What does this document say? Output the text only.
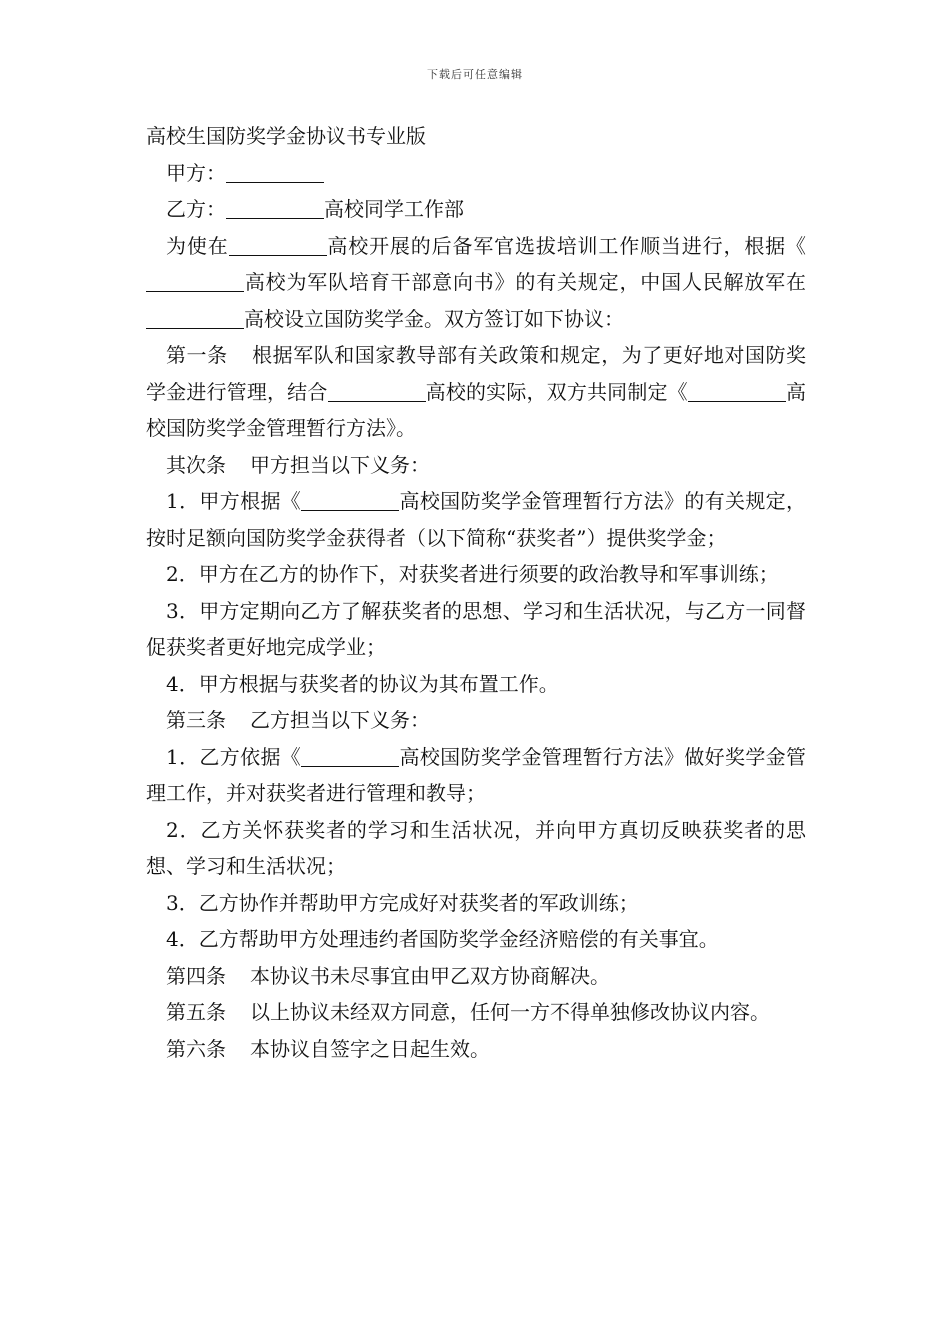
下载后可任意编辑

高校生国防奖学金协议书专业版

甲方：

乙方：	高校同学工作部

为使在	高校开展的后备军官选拔培训工作顺当进行，根据《高校为军队培育干部意向书》的有关规定，中国人民解放军在高校设立国防奖学金。双方签订如下协议：

第一条 根据军队和国家教导部有关政策和规定，为了更好地对国防奖学金进行管理，结合	高校的实际，双方共同制定《	高校国防奖学金管理暂行方法》。

其次条 甲方担当以下义务：

1．甲方根据《	高校国防奖学金管理暂行方法》的有关规定，按时足额向国防奖学金获得者（以下简称“获奖者”）提供奖学金；

2．甲方在乙方的协作下，对获奖者进行须要的政治教导和军事训练；

3．甲方定期向乙方了解获奖者的思想、学习和生活状况，与乙方一同督促获奖者更好地完成学业；

4．甲方根据与获奖者的协议为其布置工作。

第三条 乙方担当以下义务：

1．乙方依据《	高校国防奖学金管理暂行方法》做好奖学金管理工作，并对获奖者进行管理和教导；

2．乙方关怀获奖者的学习和生活状况，并向甲方真切反映获奖者的思想、学习和生活状况；

3．乙方协作并帮助甲方完成好对获奖者的军政训练；

4．乙方帮助甲方处理违约者国防奖学金经济赔偿的有关事宜。

第四条 本协议书未尽事宜由甲乙双方协商解决。

第五条 以上协议未经双方同意，任何一方不得单独修改协议内容。

第六条 本协议自签字之日起生效。
